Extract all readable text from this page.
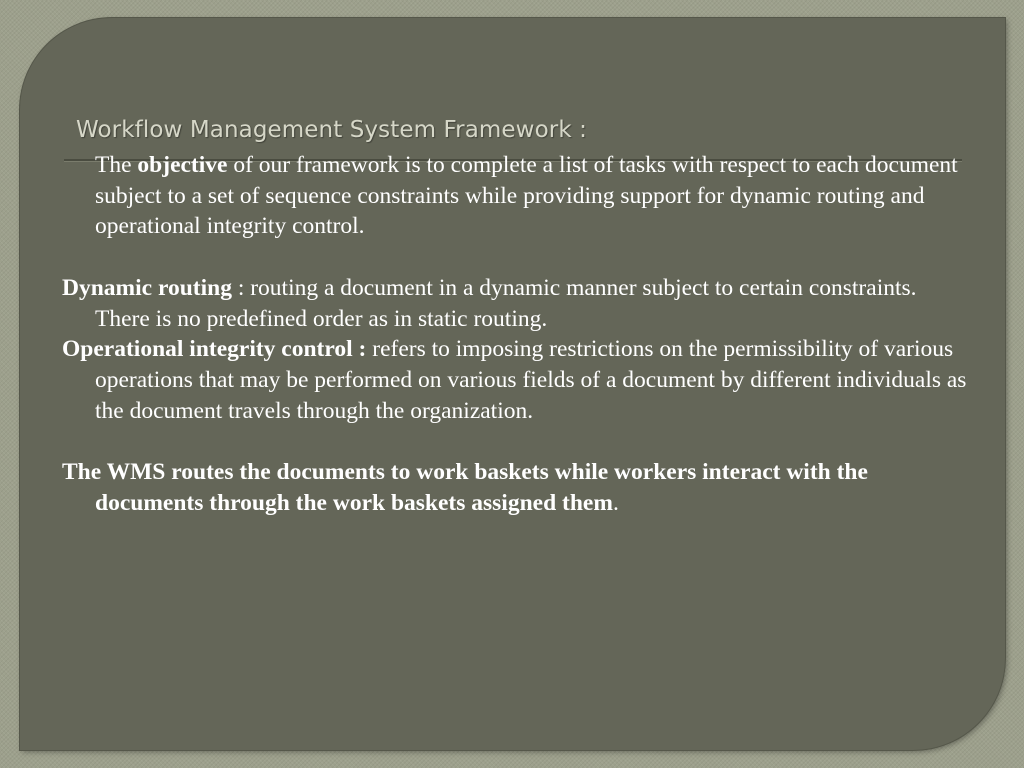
Workflow Management System Framework :

The objective of our framework is to complete a list of tasks with respect to each document subject to a set of sequence constraints while providing support for dynamic routing and operational integrity control.

Dynamic routing : routing a document in a dynamic manner subject to certain constraints. There is no predefined order as in static routing.

Operational integrity control : refers to imposing restrictions on the permissibility of various operations that may be performed on various fields of a document by different individuals as the document travels through the organization.

The WMS routes the documents to work baskets while workers interact with the documents through the work baskets assigned them.
